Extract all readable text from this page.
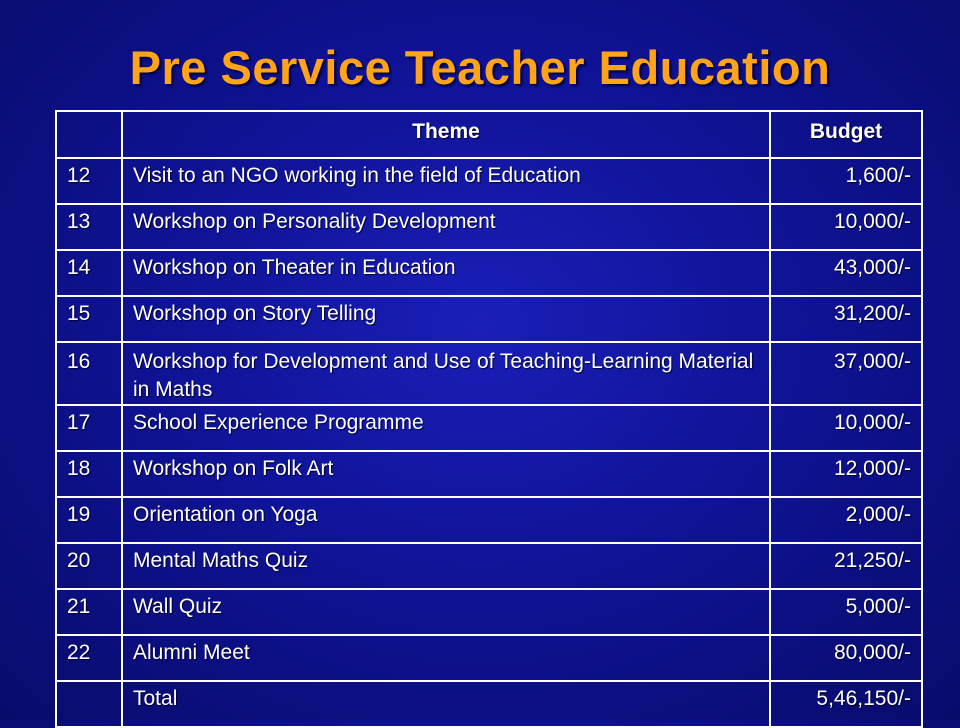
Pre Service Teacher Education
	Theme	Budget
12	Visit to an NGO working in the field of Education	1,600/-
13	Workshop on Personality Development	10,000/-
14	Workshop on Theater in Education	43,000/-
15	Workshop on Story Telling	31,200/-
16	Workshop for Development and Use of Teaching-Learning Material in Maths	37,000/-
17	School Experience Programme	10,000/-
18	Workshop on Folk Art	12,000/-
19	Orientation on Yoga	2,000/-
20	Mental Maths Quiz	21,250/-
21	Wall Quiz	5,000/-
22	Alumni Meet	80,000/-
	Total	5,46,150/-
